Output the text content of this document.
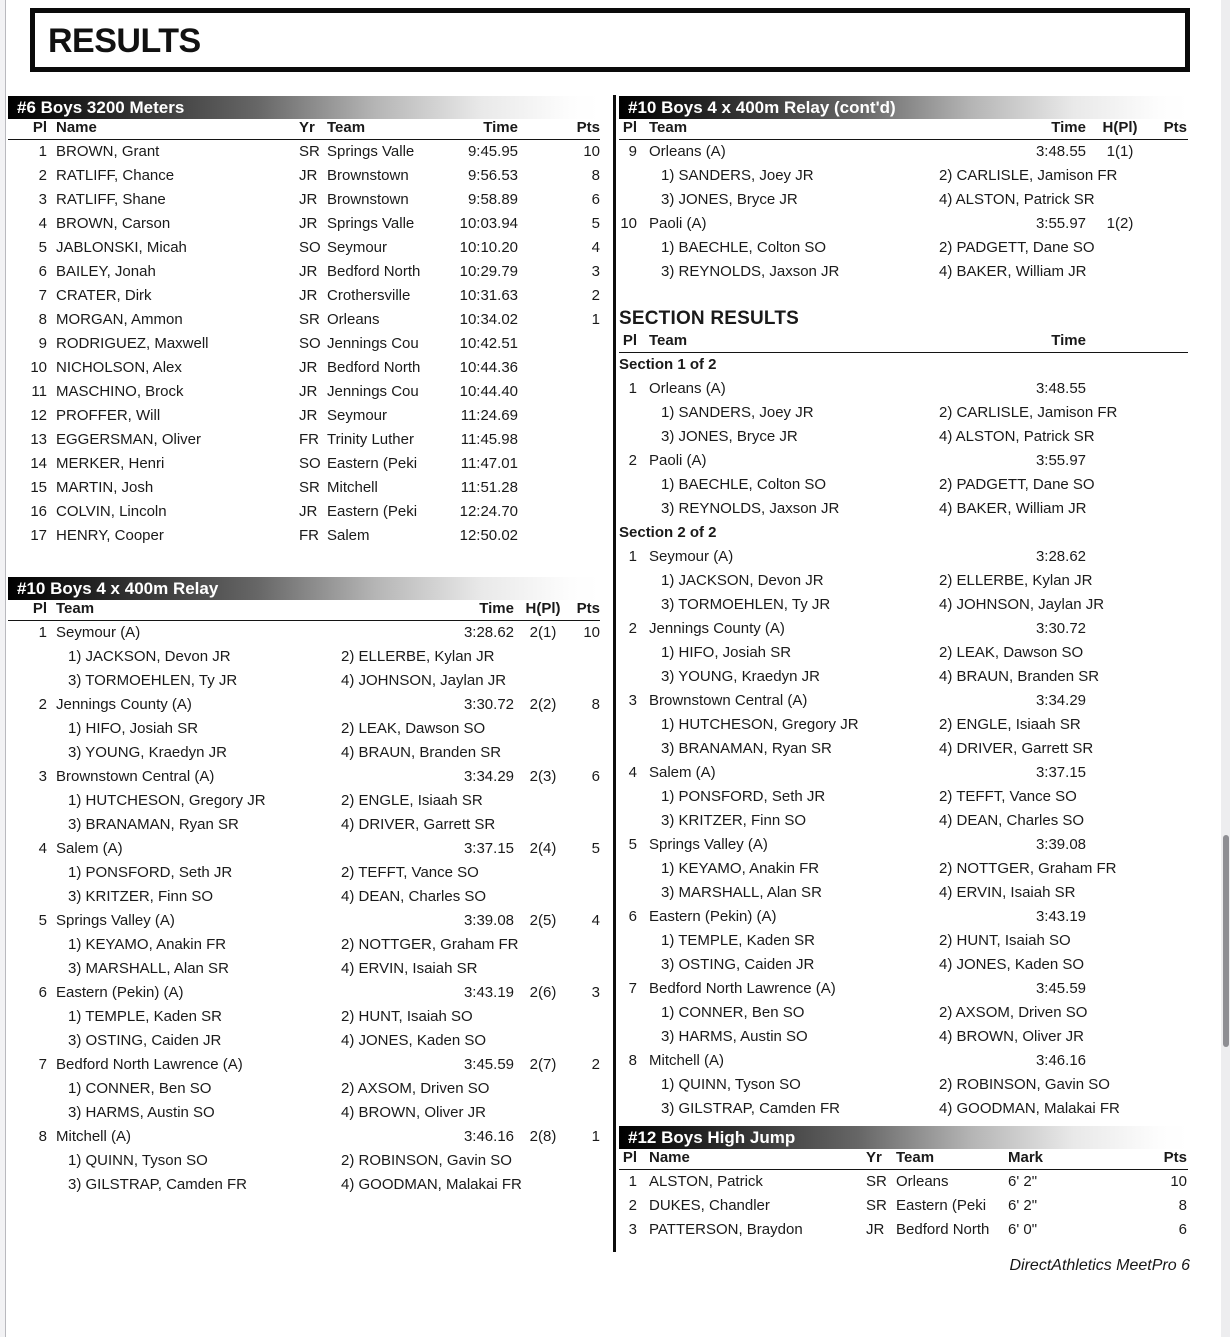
RESULTS
#6 Boys 3200 Meters
Pl Name	Yr Team	Time	Pts
1 BROWN, Grant	SR Springs Valle	9:45.95	10
2 RATLIFF, Chance	JR Brownstown	9:56.53	8
3 RATLIFF, Shane	JR Brownstown	9:58.89	6
4 BROWN, Carson	JR Springs Valle	10:03.94	5
5 JABLONSKI, Micah	SO Seymour	10:10.20	4
6 BAILEY, Jonah	JR Bedford North	10:29.79	3
7 CRATER, Dirk	JR Crothersville	10:31.63	2
8 MORGAN, Ammon	SR Orleans	10:34.02	1
9 RODRIGUEZ, Maxwell	SO Jennings Cou	10:42.51
10 NICHOLSON, Alex	JR Bedford North	10:44.36
11 MASCHINO, Brock	JR Jennings Cou	10:44.40
12 PROFFER, Will	JR Seymour	11:24.69
13 EGGERSMAN, Oliver	FR Trinity Luther	11:45.98
14 MERKER, Henri	SO Eastern (Peki	11:47.01
15 MARTIN, Josh	SR Mitchell	11:51.28
16 COLVIN, Lincoln	JR Eastern (Peki	12:24.70
17 HENRY, Cooper	FR Salem	12:50.02
#10 Boys 4 x 400m Relay
Pl Team	Time H(Pl)	Pts
1 Seymour (A)	3:28.62	2(1)	10
1) JACKSON, Devon JR	2) ELLERBE, Kylan JR
3) TORMOEHLEN, Ty JR	4) JOHNSON, Jaylan JR
2 Jennings County (A)	3:30.72	2(2)	8
1) HIFO, Josiah SR	2) LEAK, Dawson SO
3) YOUNG, Kraedyn JR	4) BRAUN, Branden SR
3 Brownstown Central (A)	3:34.29	2(3)	6
1) HUTCHESON, Gregory JR	2) ENGLE, Isiaah SR
3) BRANAMAN, Ryan SR	4) DRIVER, Garrett SR
4 Salem (A)	3:37.15	2(4)	5
1) PONSFORD, Seth JR	2) TEFFT, Vance SO
3) KRITZER, Finn SO	4) DEAN, Charles SO
5 Springs Valley (A)	3:39.08	2(5)	4
1) KEYAMO, Anakin FR	2) NOTTGER, Graham FR
3) MARSHALL, Alan SR	4) ERVIN, Isaiah SR
6 Eastern (Pekin) (A)	3:43.19	2(6)	3
1) TEMPLE, Kaden SR	2) HUNT, Isaiah SO
3) OSTING, Caiden JR	4) JONES, Kaden SO
7 Bedford North Lawrence (A)	3:45.59	2(7)	2
1) CONNER, Ben SO	2) AXSOM, Driven SO
3) HARMS, Austin SO	4) BROWN, Oliver JR
8 Mitchell (A)	3:46.16	2(8)	1
1) QUINN, Tyson SO	2) ROBINSON, Gavin SO
3) GILSTRAP, Camden FR	4) GOODMAN, Malakai FR
#10 Boys 4 x 400m Relay (cont'd)
Pl Team	Time	H(Pl)	Pts
9 Orleans (A)	3:48.55	1(1)
1) SANDERS, Joey JR	2) CARLISLE, Jamison FR
3) JONES, Bryce JR	4) ALSTON, Patrick SR
10 Paoli (A)	3:55.97	1(2)
1) BAECHLE, Colton SO	2) PADGETT, Dane SO
3) REYNOLDS, Jaxson JR	4) BAKER, William JR
SECTION RESULTS
Pl Team	Time
Section 1 of 2
1 Orleans (A)	3:48.55
1) SANDERS, Joey JR	2) CARLISLE, Jamison FR
3) JONES, Bryce JR	4) ALSTON, Patrick SR
2 Paoli (A)	3:55.97
1) BAECHLE, Colton SO	2) PADGETT, Dane SO
3) REYNOLDS, Jaxson JR	4) BAKER, William JR
Section 2 of 2
1 Seymour (A)	3:28.62
1) JACKSON, Devon JR	2) ELLERBE, Kylan JR
3) TORMOEHLEN, Ty JR	4) JOHNSON, Jaylan JR
2 Jennings County (A)	3:30.72
1) HIFO, Josiah SR	2) LEAK, Dawson SO
3) YOUNG, Kraedyn JR	4) BRAUN, Branden SR
3 Brownstown Central (A)	3:34.29
1) HUTCHESON, Gregory JR	2) ENGLE, Isiaah SR
3) BRANAMAN, Ryan SR	4) DRIVER, Garrett SR
4 Salem (A)	3:37.15
1) PONSFORD, Seth JR	2) TEFFT, Vance SO
3) KRITZER, Finn SO	4) DEAN, Charles SO
5 Springs Valley (A)	3:39.08
1) KEYAMO, Anakin FR	2) NOTTGER, Graham FR
3) MARSHALL, Alan SR	4) ERVIN, Isaiah SR
6 Eastern (Pekin) (A)	3:43.19
1) TEMPLE, Kaden SR	2) HUNT, Isaiah SO
3) OSTING, Caiden JR	4) JONES, Kaden SO
7 Bedford North Lawrence (A)	3:45.59
1) CONNER, Ben SO	2) AXSOM, Driven SO
3) HARMS, Austin SO	4) BROWN, Oliver JR
8 Mitchell (A)	3:46.16
1) QUINN, Tyson SO	2) ROBINSON, Gavin SO
3) GILSTRAP, Camden FR	4) GOODMAN, Malakai FR
#12 Boys High Jump
Pl Name	Yr Team	Mark	Pts
1 ALSTON, Patrick	SR Orleans	6' 2"	10
2 DUKES, Chandler	SR Eastern (Peki 6' 2"	8
3 PATTERSON, Braydon	JR Bedford North 6' 0"	6
DirectAthletics MeetPro 6
